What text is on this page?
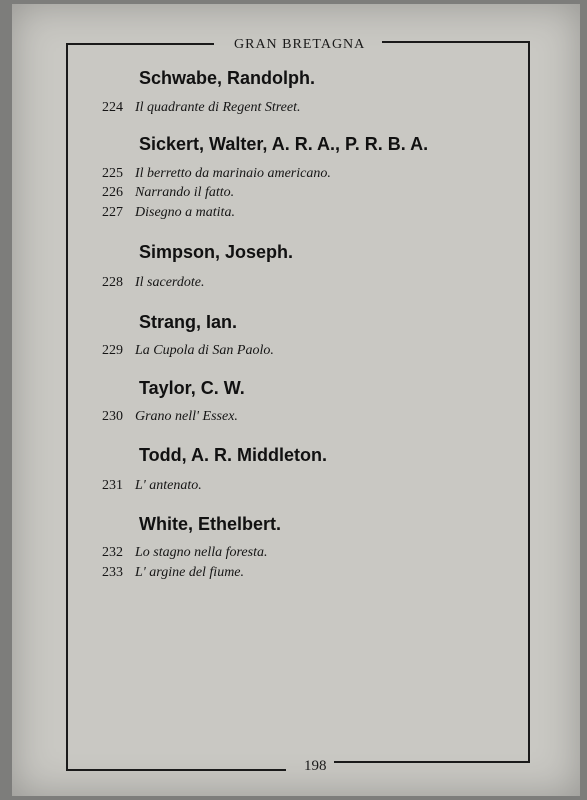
GRAN BRETAGNA
Schwabe, Randolph.
224 Il quadrante di Regent Street.
Sickert, Walter, A. R. A., P. R. B. A.
225 Il berretto da marinaio americano.
226 Narrando il fatto.
227 Disegno a matita.
Simpson, Joseph.
228 Il sacerdote.
Strang, Ian.
229 La Cupola di San Paolo.
Taylor, C. W.
230 Grano nell' Essex.
Todd, A. R. Middleton.
231 L' antenato.
White, Ethelbert.
232 Lo stagno nella foresta.
233 L' argine del fiume.
198
